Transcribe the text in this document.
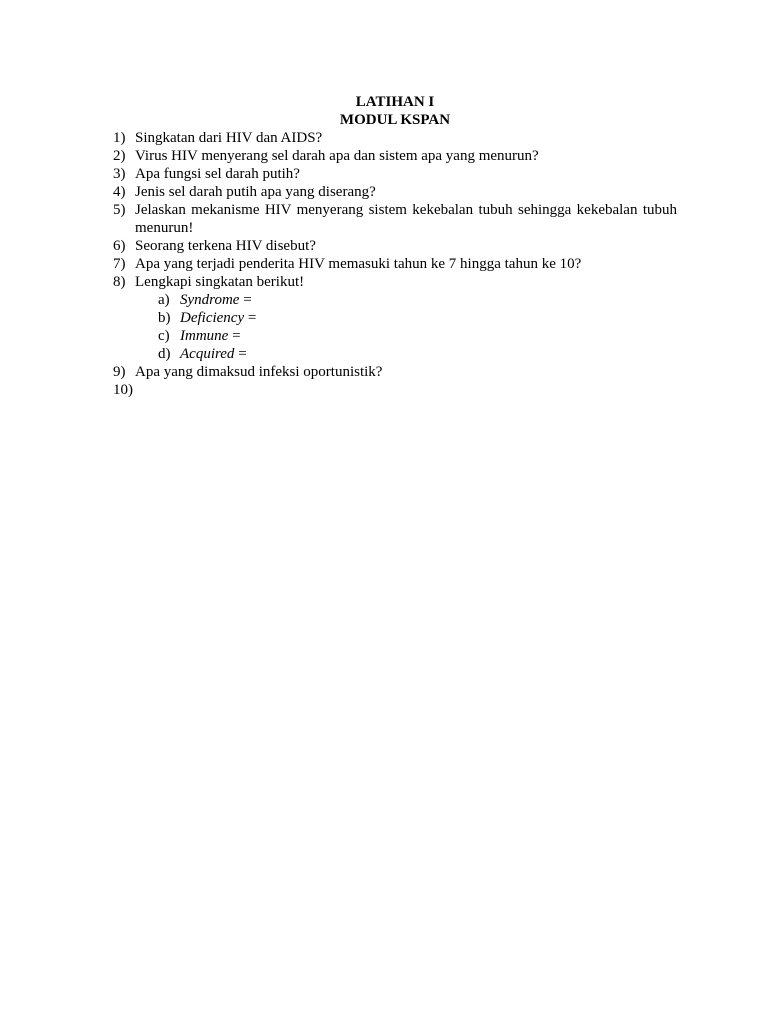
LATIHAN I

MODUL KSPAN

1) Singkatan dari HIV dan AIDS?
2) Virus HIV menyerang sel darah apa dan sistem apa yang menurun?
3) Apa fungsi sel darah putih?
4) Jenis sel darah putih apa yang diserang?
5) Jelaskan mekanisme HIV menyerang sistem kekebalan tubuh sehingga kekebalan tubuh menurun!
6) Seorang terkena HIV disebut?
7) Apa yang terjadi penderita HIV memasuki tahun ke 7 hingga tahun ke 10?
8) Lengkapi singkatan berikut!
a) Syndrome =
b) Deficiency =
c) Immune =
d) Acquired =
9) Apa yang dimaksud infeksi oportunistik?
10)
